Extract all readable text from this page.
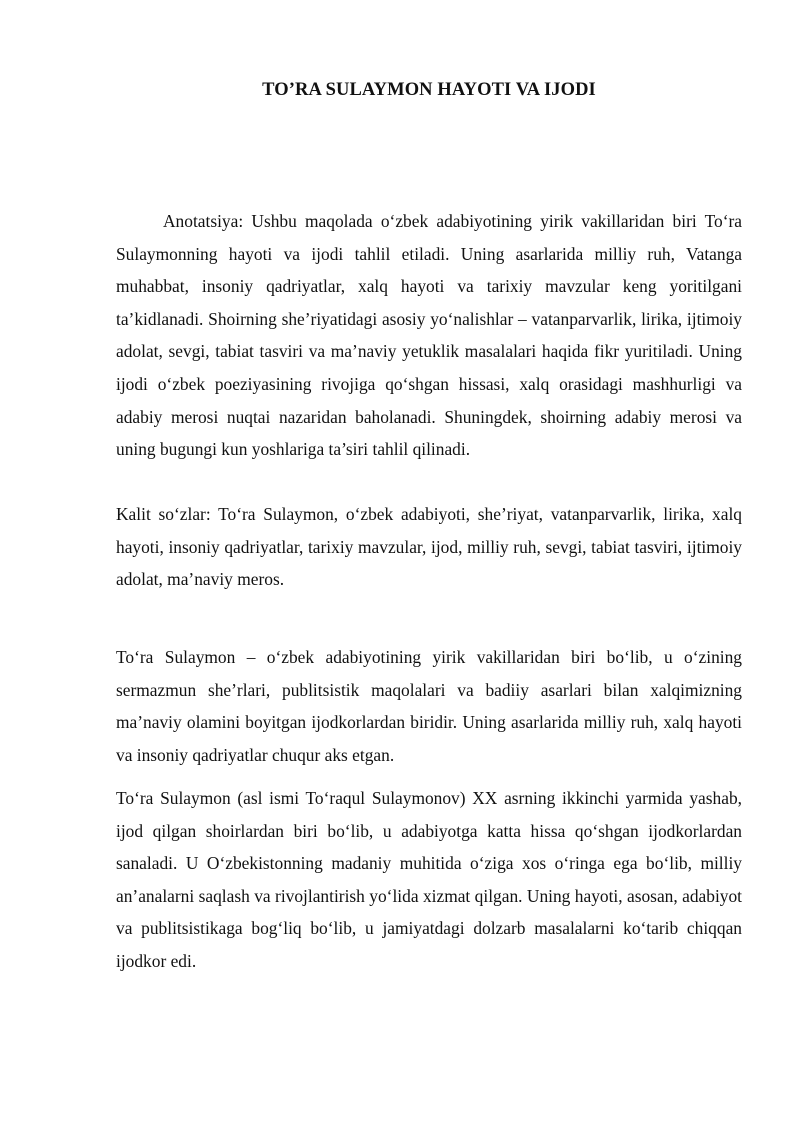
TO’RA SULAYMON HAYOTI VA IJODI

Anotatsiya: Ushbu maqolada o‘zbek adabiyotining yirik vakillaridan biri To‘ra Sulaymonning hayoti va ijodi tahlil etiladi. Uning asarlarida milliy ruh, Vatanga muhabbat, insoniy qadriyatlar, xalq hayoti va tarixiy mavzular keng yoritilgani ta’kidlanadi. Shoirning she’riyatidagi asosiy yo‘nalishlar – vatanparvarlik, lirika, ijtimoiy adolat, sevgi, tabiat tasviri va ma’naviy yetuklik masalalari haqida fikr yuritiladi. Uning ijodi o‘zbek poeziyasining rivojiga qo‘shgan hissasi, xalq orasidagi mashhurligi va adabiy merosi nuqtai nazaridan baholanadi. Shuningdek, shoirning adabiy merosi va uning bugungi kun yoshlariga ta’siri tahlil qilinadi.

Kalit so‘zlar: To‘ra Sulaymon, o‘zbek adabiyoti, she’riyat, vatanparvarlik, lirika, xalq hayoti, insoniy qadriyatlar, tarixiy mavzular, ijod, milliy ruh, sevgi, tabiat tasviri, ijtimoiy adolat, ma’naviy meros.

To‘ra Sulaymon – o‘zbek adabiyotining yirik vakillaridan biri bo‘lib, u o‘zining sermazmun she’rlari, publitsistik maqolalari va badiiy asarlari bilan xalqimizning ma’naviy olamini boyitgan ijodkorlardan biridir. Uning asarlarida milliy ruh, xalq hayoti va insoniy qadriyatlar chuqur aks etgan.

To‘ra Sulaymon (asl ismi To‘raqul Sulaymonov) XX asrning ikkinchi yarmida yashab, ijod qilgan shoirlardan biri bo‘lib, u adabiyotga katta hissa qo‘shgan ijodkorlardan sanaladi. U O‘zbekistonning madaniy muhitida o‘ziga xos o‘ringa ega bo‘lib, milliy an’analarni saqlash va rivojlantirish yo‘lida xizmat qilgan. Uning hayoti, asosan, adabiyot va publitsistikaga bog‘liq bo‘lib, u jamiyatdagi dolzarb masalalarni ko‘tarib chiqqan ijodkor edi.
